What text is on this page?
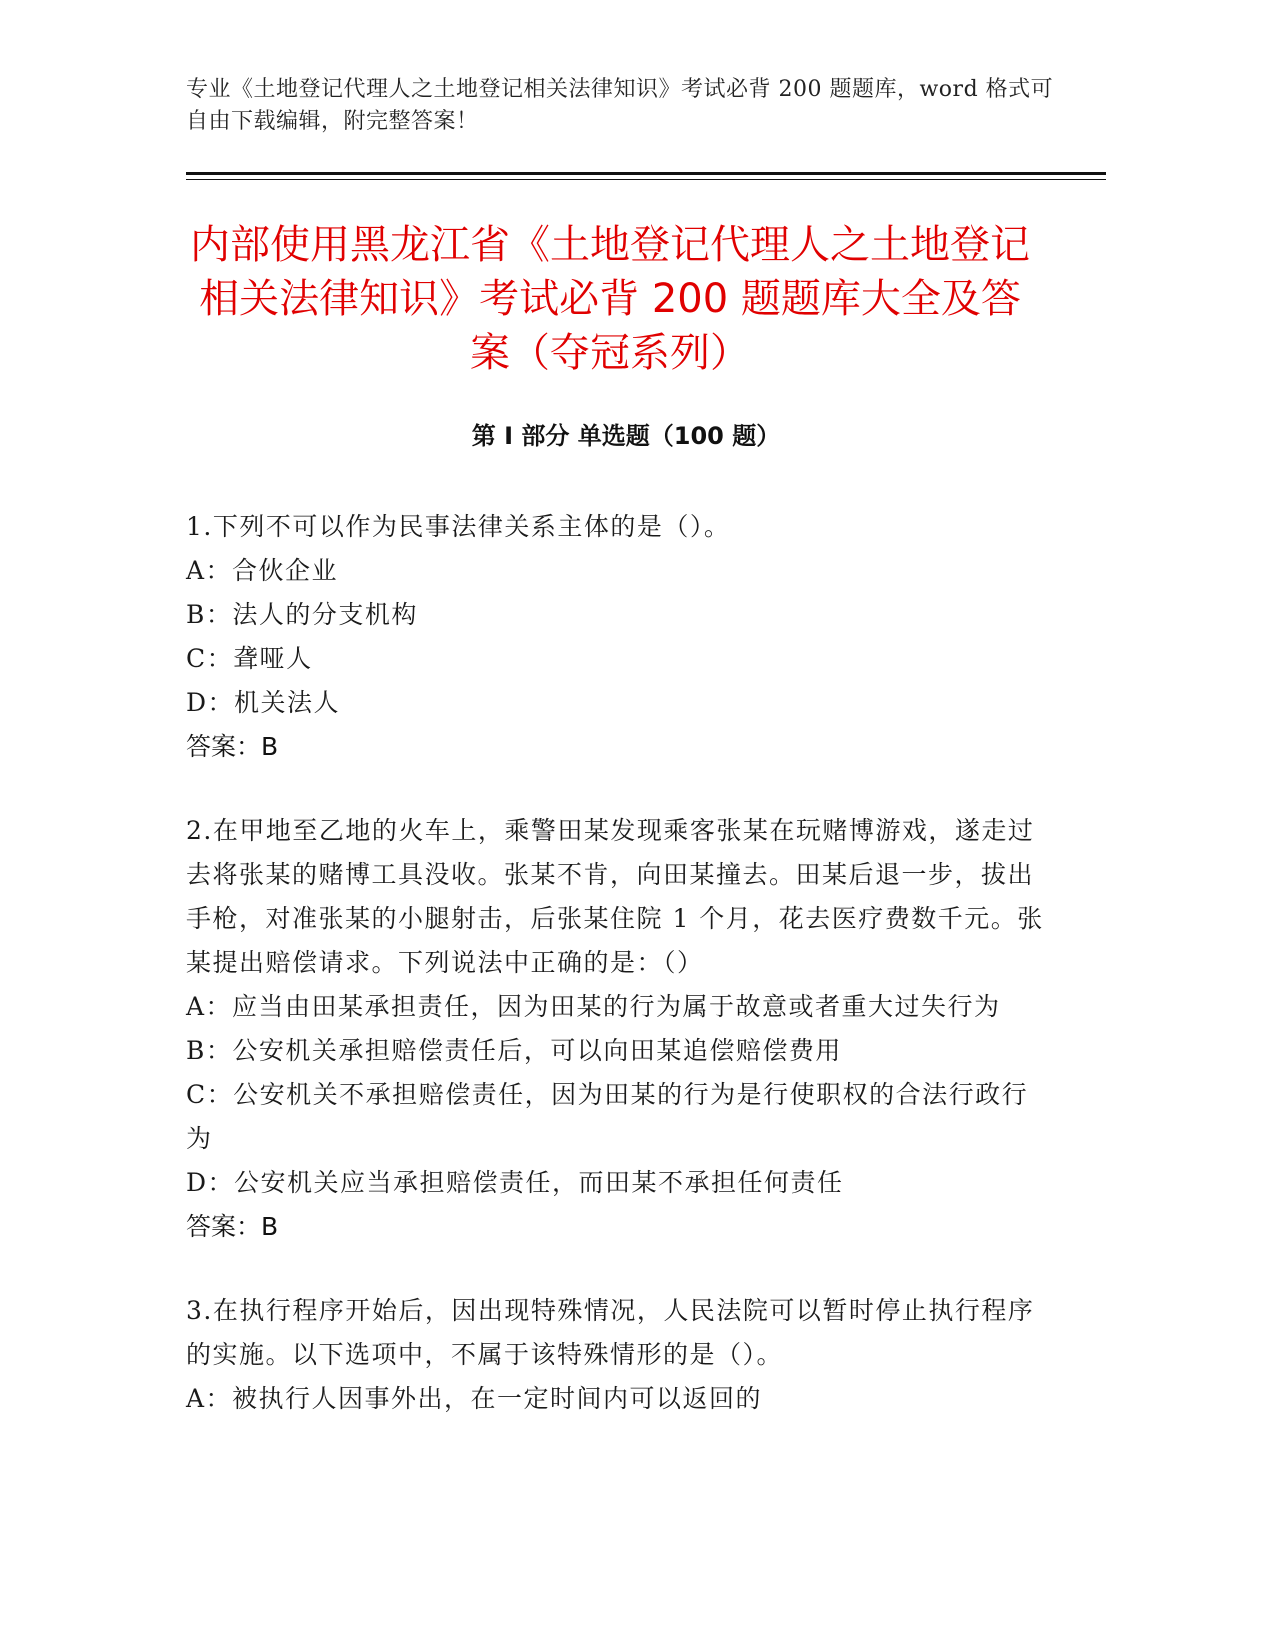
专业《土地登记代理人之土地登记相关法律知识》考试必背 200 题题库，word 格式可自由下载编辑，附完整答案！
内部使用黑龙江省《土地登记代理人之土地登记相关法律知识》考试必背 200 题题库大全及答案（夺冠系列）
第 I 部分 单选题（100 题）
1.下列不可以作为民事法律关系主体的是（）。
A：合伙企业
B：法人的分支机构
C：聋哑人
D：机关法人
答案：B
2.在甲地至乙地的火车上，乘警田某发现乘客张某在玩赌博游戏，遂走过去将张某的赌博工具没收。张某不肯，向田某撞去。田某后退一步，拔出手枪，对准张某的小腿射击，后张某住院 1 个月，花去医疗费数千元。张某提出赔偿请求。下列说法中正确的是：（）
A：应当由田某承担责任，因为田某的行为属于故意或者重大过失行为
B：公安机关承担赔偿责任后，可以向田某追偿赔偿费用
C：公安机关不承担赔偿责任，因为田某的行为是行使职权的合法行政行为
D：公安机关应当承担赔偿责任，而田某不承担任何责任
答案：B
3.在执行程序开始后，因出现特殊情况，人民法院可以暂时停止执行程序的实施。以下选项中，不属于该特殊情形的是（）。
A：被执行人因事外出，在一定时间内可以返回的
